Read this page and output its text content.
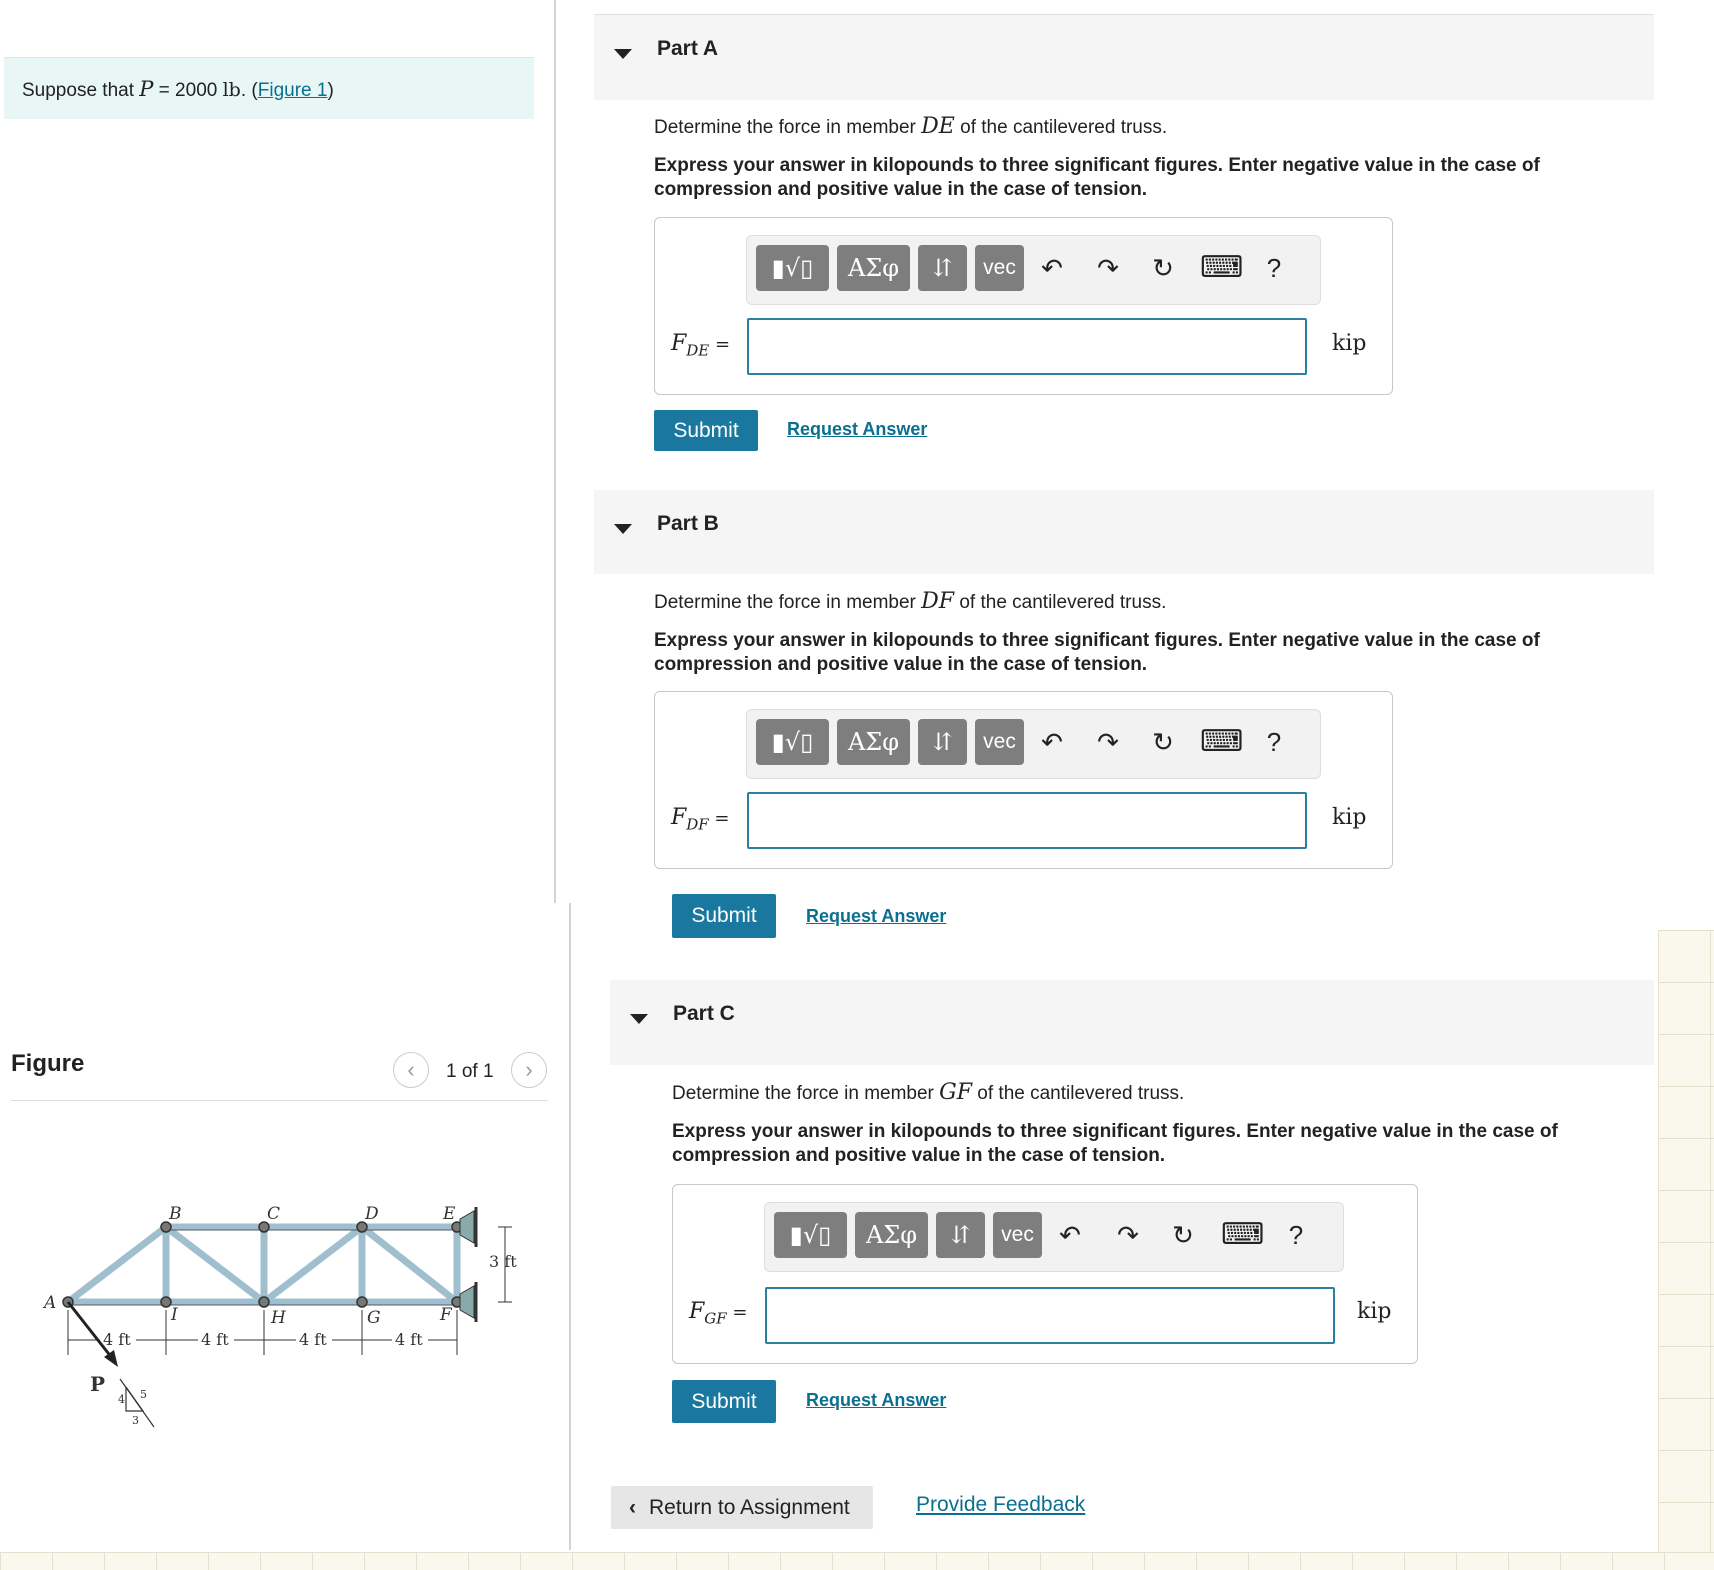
Suppose that P = 2000 lb. (Figure 1)
Part A
Determine the force in member DE of the cantilevered truss.
Express your answer in kilopounds to three significant figures. Enter negative value in the case of compression and positive value in the case of tension.
▮√▯	ΑΣφ	⇵	vec ↶ ↷ ↻ ⌨ ?
$F_{DE}$ =	kip
Submit	Request Answer
Part B
Determine the force in member DF of the cantilevered truss.
Express your answer in kilopounds to three significant figures. Enter negative value in the case of compression and positive value in the case of tension.
▮√▯	ΑΣφ	⇵	vec ↶ ↷ ↻ ⌨ ?
$F_{DF}$ =	kip
Submit	Request Answer
Part C
Determine the force in member GF of the cantilevered truss.
Express your answer in kilopounds to three significant figures. Enter negative value in the case of compression and positive value in the case of tension.
▮√▯	ΑΣφ	⇵	vec ↶ ↷ ↻ ⌨ ?
$F_{GF}$ =	kip
Submit	Request Answer
‹ Return to Assignment	Provide Feedback
Figure	‹	1 of 1	›
A
B	C	D	E
F
G
H
I
3 ft
4 ft	4 ft	4 ft	4 ft
P
4 5
3
